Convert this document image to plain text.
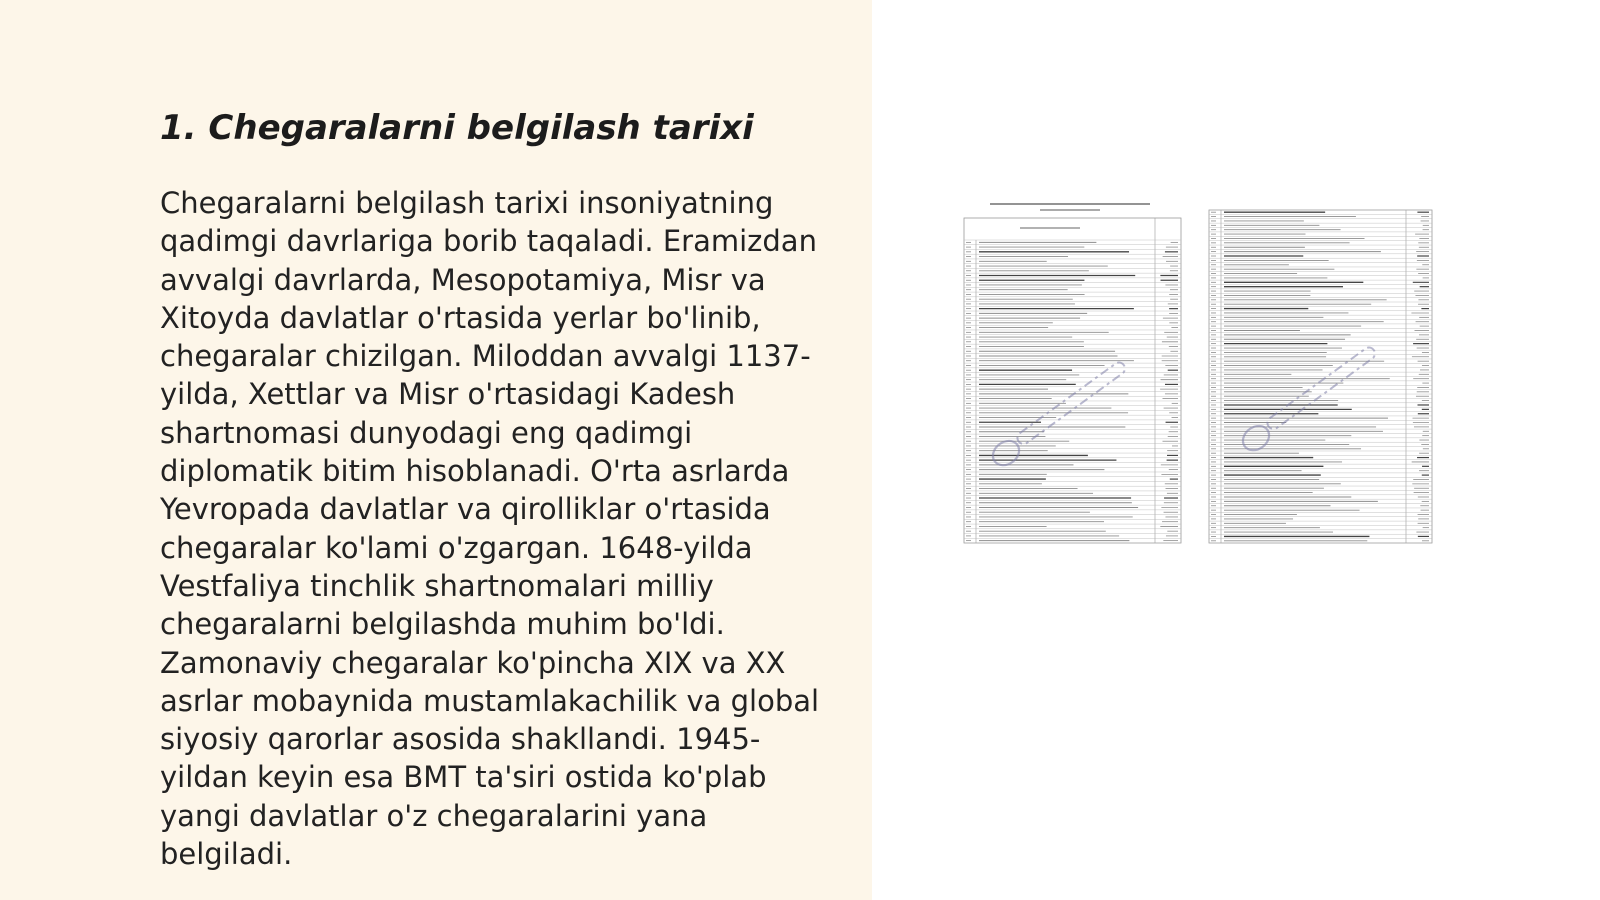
1. Chegaralarni belgilash tarixi
Chegaralarni belgilash tarixi insoniyatning
qadimgi davrlariga borib taqaladi. Eramizdan
avvalgi davrlarda, Mesopotamiya, Misr va
Xitoyda davlatlar o'rtasida yerlar bo'linib,
chegaralar chizilgan. Miloddan avvalgi 1137-
yilda, Xettlar va Misr o'rtasidagi Kadesh
shartnomasi dunyodagi eng qadimgi
diplomatik bitim hisoblanadi. O'rta asrlarda
Yevropada davlatlar va qirolliklar o'rtasida
chegaralar ko'lami o'zgargan. 1648-yilda
Vestfaliya tinchlik shartnomalari milliy
chegaralarni belgilashda muhim bo'ldi.
Zamonaviy chegaralar ko'pincha XIX va XX
asrlar mobaynida mustamlakachilik va global
siyosiy qarorlar asosida shakllandi. 1945-
yildan keyin esa BMT ta'siri ostida ko'plab
yangi davlatlar o'z chegaralarini yana
belgiladi.
